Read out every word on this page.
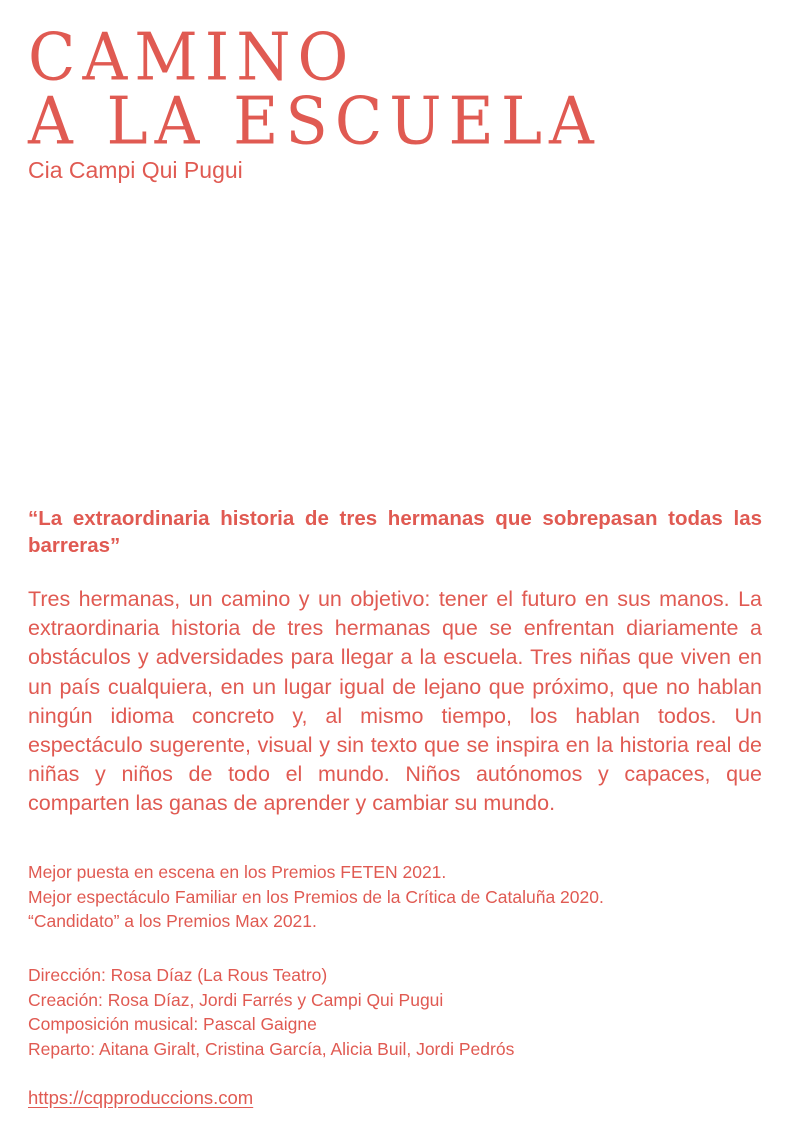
CAMINO
A LA ESCUELA
Cia Campi Qui Pugui
“La extraordinaria historia de tres hermanas que sobrepasan todas las barreras”
Tres hermanas, un camino y un objetivo: tener el futuro en sus manos. La extraordinaria historia de tres hermanas que se enfrentan diariamente a obstáculos y adversidades para llegar a la escuela. Tres niñas que viven en un país cualquiera, en un lugar igual de lejano que próximo, que no hablan ningún idioma concreto y, al mismo tiempo, los hablan todos. Un espectáculo sugerente, visual y sin texto que se inspira en la historia real de niñas y niños de todo el mundo. Niños autónomos y capaces, que comparten las ganas de aprender y cambiar su mundo.
Mejor puesta en escena en los Premios FETEN 2021.
Mejor espectáculo Familiar en los Premios de la Crítica de Cataluña 2020.
“Candidato” a los Premios Max 2021.
Dirección: Rosa Díaz (La Rous Teatro)
Creación: Rosa Díaz, Jordi Farrés y Campi Qui Pugui
Composición musical: Pascal Gaigne
Reparto: Aitana Giralt, Cristina García, Alicia Buil, Jordi Pedrós
https://cqpproduccions.com
